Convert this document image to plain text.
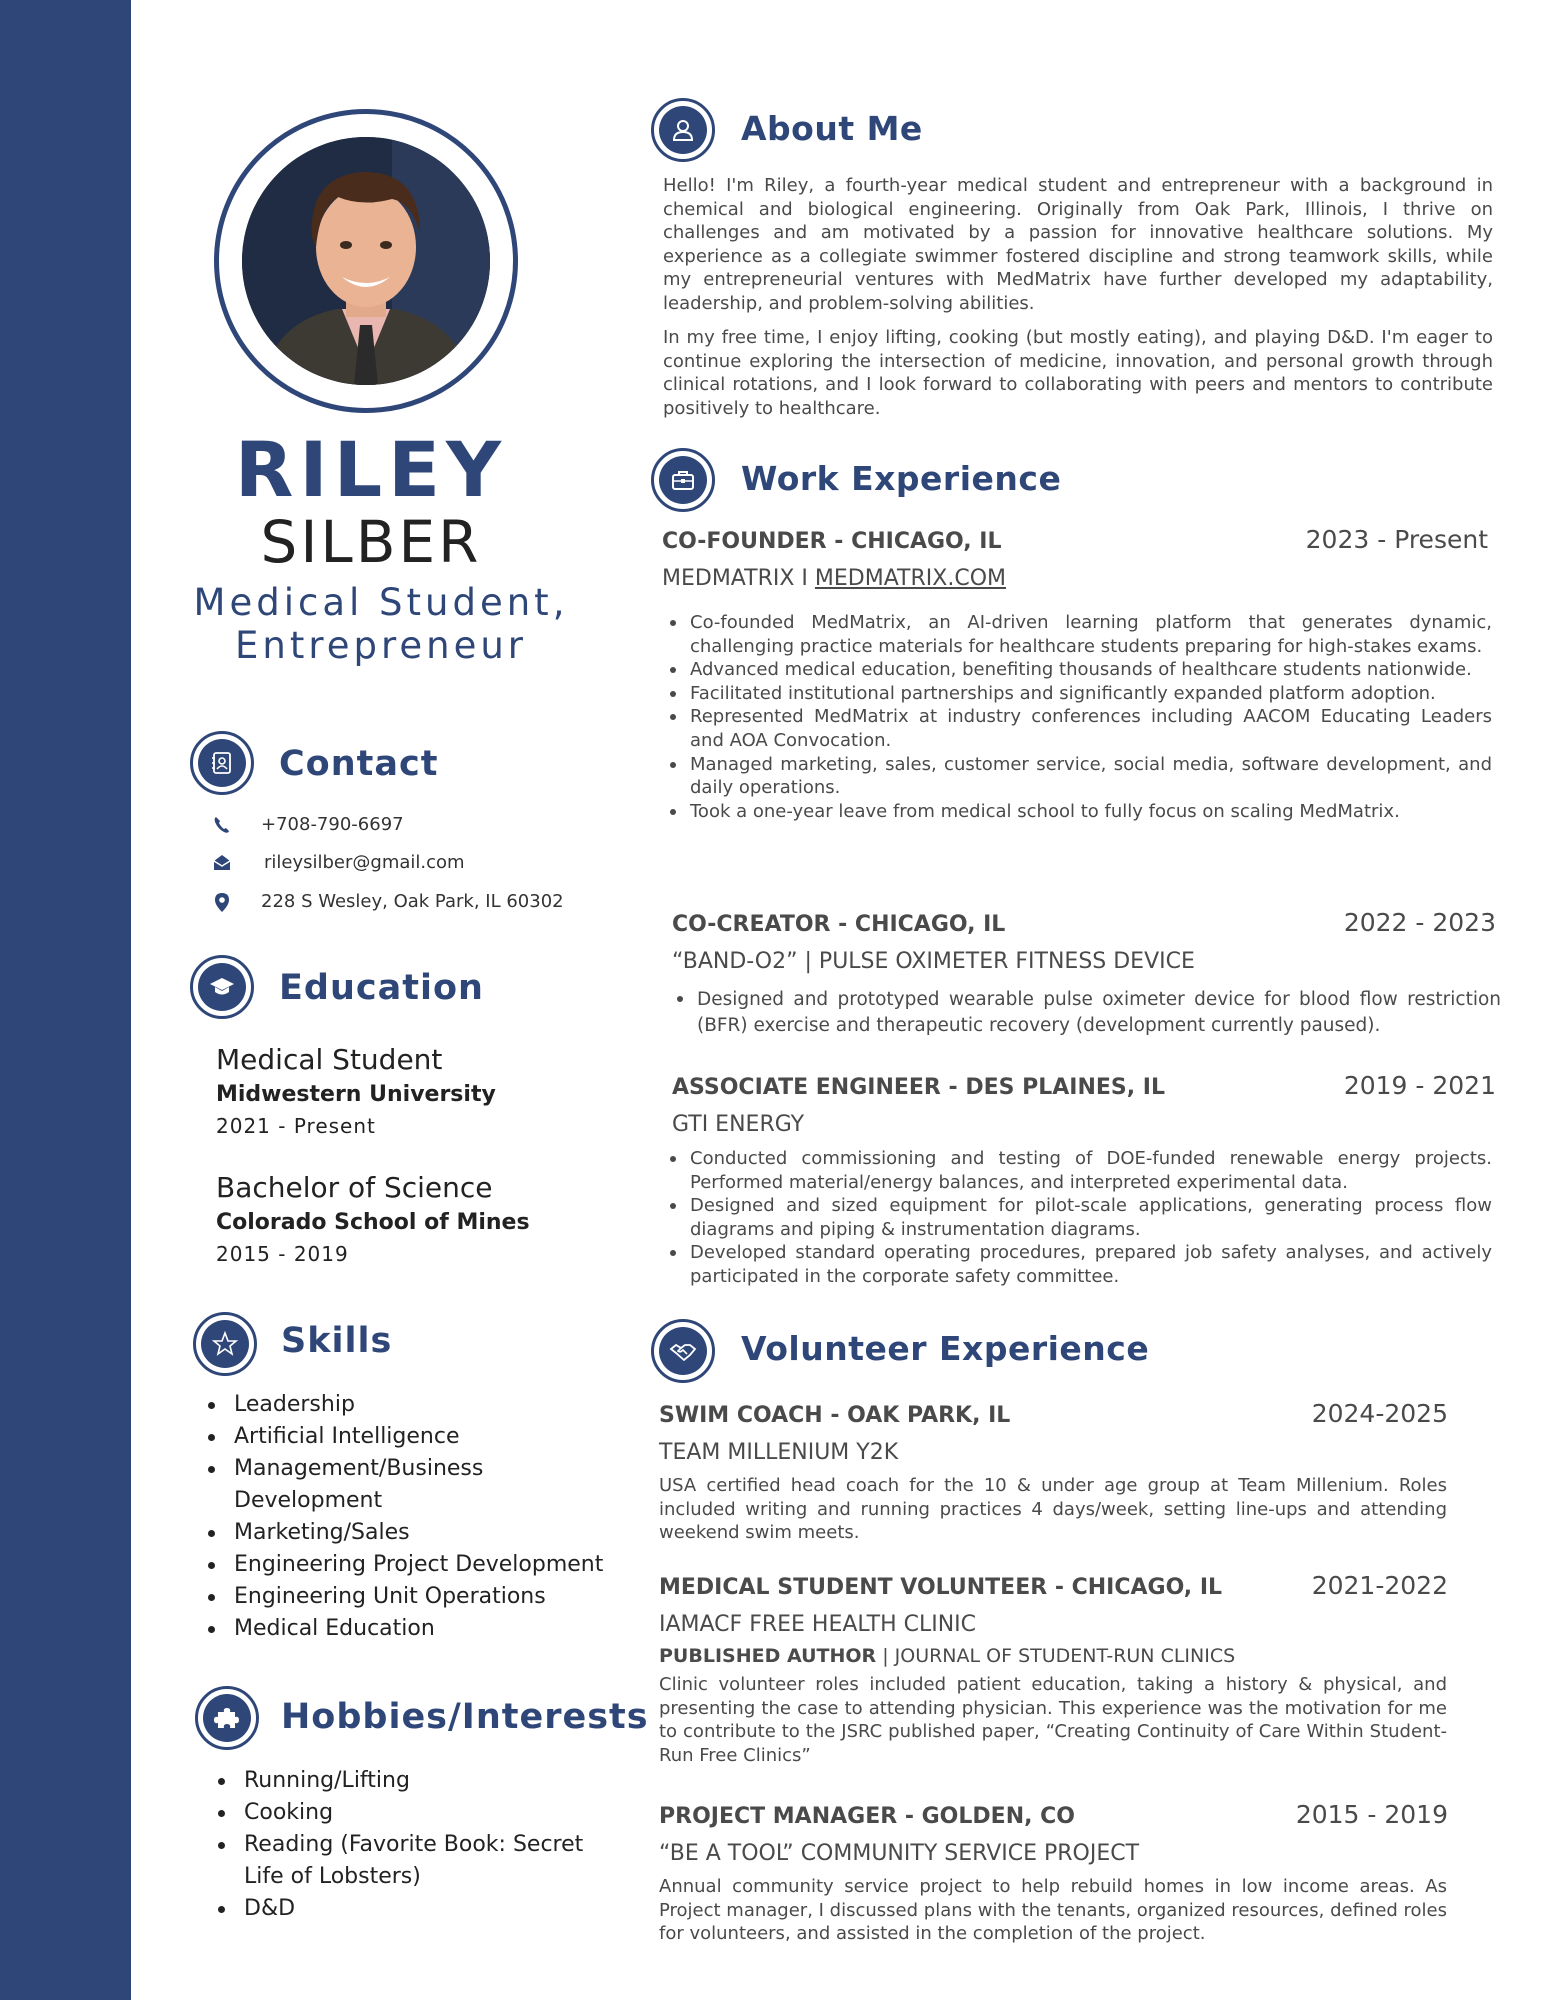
RILEY
SILBER
Medical Student,
Entrepreneur
Contact
+708-790-6697
rileysilber@gmail.com
228 S Wesley, Oak Park, IL 60302
Education
Medical Student
Midwestern University
2021 - Present
Bachelor of Science
Colorado School of Mines
2015 - 2019
Skills
Leadership
Artificial Intelligence
Management/Business
Development
Marketing/Sales
Engineering Project Development
Engineering Unit Operations
Medical Education
Hobbies/Interests
Running/Lifting
Cooking
Reading (Favorite Book: Secret
Life of Lobsters)
D&D
About Me
Hello! I'm Riley, a fourth-year medical student and entrepreneur with a background in chemical and biological engineering. Originally from Oak Park, Illinois, I thrive on challenges and am motivated by a passion for innovative healthcare solutions. My experience as a collegiate swimmer fostered discipline and strong teamwork skills, while my entrepreneurial ventures with MedMatrix have further developed my adaptability, leadership, and problem-solving abilities.
In my free time, I enjoy lifting, cooking (but mostly eating), and playing D&D. I'm eager to continue exploring the intersection of medicine, innovation, and personal growth through clinical rotations, and I look forward to collaborating with peers and mentors to contribute positively to healthcare.
Work Experience
CO-FOUNDER - CHICAGO, IL	2023 - Present
MEDMATRIX I MEDMATRIX.COM
Co-founded MedMatrix, an AI-driven learning platform that generates dynamic, challenging practice materials for healthcare students preparing for high-stakes exams.
Advanced medical education, benefiting thousands of healthcare students nationwide.
Facilitated institutional partnerships and significantly expanded platform adoption.
Represented MedMatrix at industry conferences including AACOM Educating Leaders and AOA Convocation.
Managed marketing, sales, customer service, social media, software development, and daily operations.
Took a one-year leave from medical school to fully focus on scaling MedMatrix.
CO-CREATOR - CHICAGO, IL	2022 - 2023
“BAND-O2” | PULSE OXIMETER FITNESS DEVICE
Designed and prototyped wearable pulse oximeter device for blood flow restriction (BFR) exercise and therapeutic recovery (development currently paused).
ASSOCIATE ENGINEER - DES PLAINES, IL	2019 - 2021
GTI ENERGY
Conducted commissioning and testing of DOE-funded renewable energy projects. Performed material/energy balances, and interpreted experimental data.
Designed and sized equipment for pilot-scale applications, generating process flow diagrams and piping & instrumentation diagrams.
Developed standard operating procedures, prepared job safety analyses, and actively participated in the corporate safety committee.
Volunteer Experience
SWIM COACH - OAK PARK, IL	2024-2025
TEAM MILLENIUM Y2K
USA certified head coach for the 10 & under age group at Team Millenium. Roles included writing and running practices 4 days/week, setting line-ups and attending weekend swim meets.
MEDICAL STUDENT VOLUNTEER - CHICAGO, IL	2021-2022
IAMACF FREE HEALTH CLINIC
PUBLISHED AUTHOR | JOURNAL OF STUDENT-RUN CLINICS
Clinic volunteer roles included patient education, taking a history & physical, and presenting the case to attending physician. This experience was the motivation for me to contribute to the JSRC published paper, “Creating Continuity of Care Within Student-Run Free Clinics”
PROJECT MANAGER - GOLDEN, CO	2015 - 2019
“BE A TOOL” COMMUNITY SERVICE PROJECT
Annual community service project to help rebuild homes in low income areas. As Project manager, I discussed plans with the tenants, organized resources, defined roles for volunteers, and assisted in the completion of the project.
